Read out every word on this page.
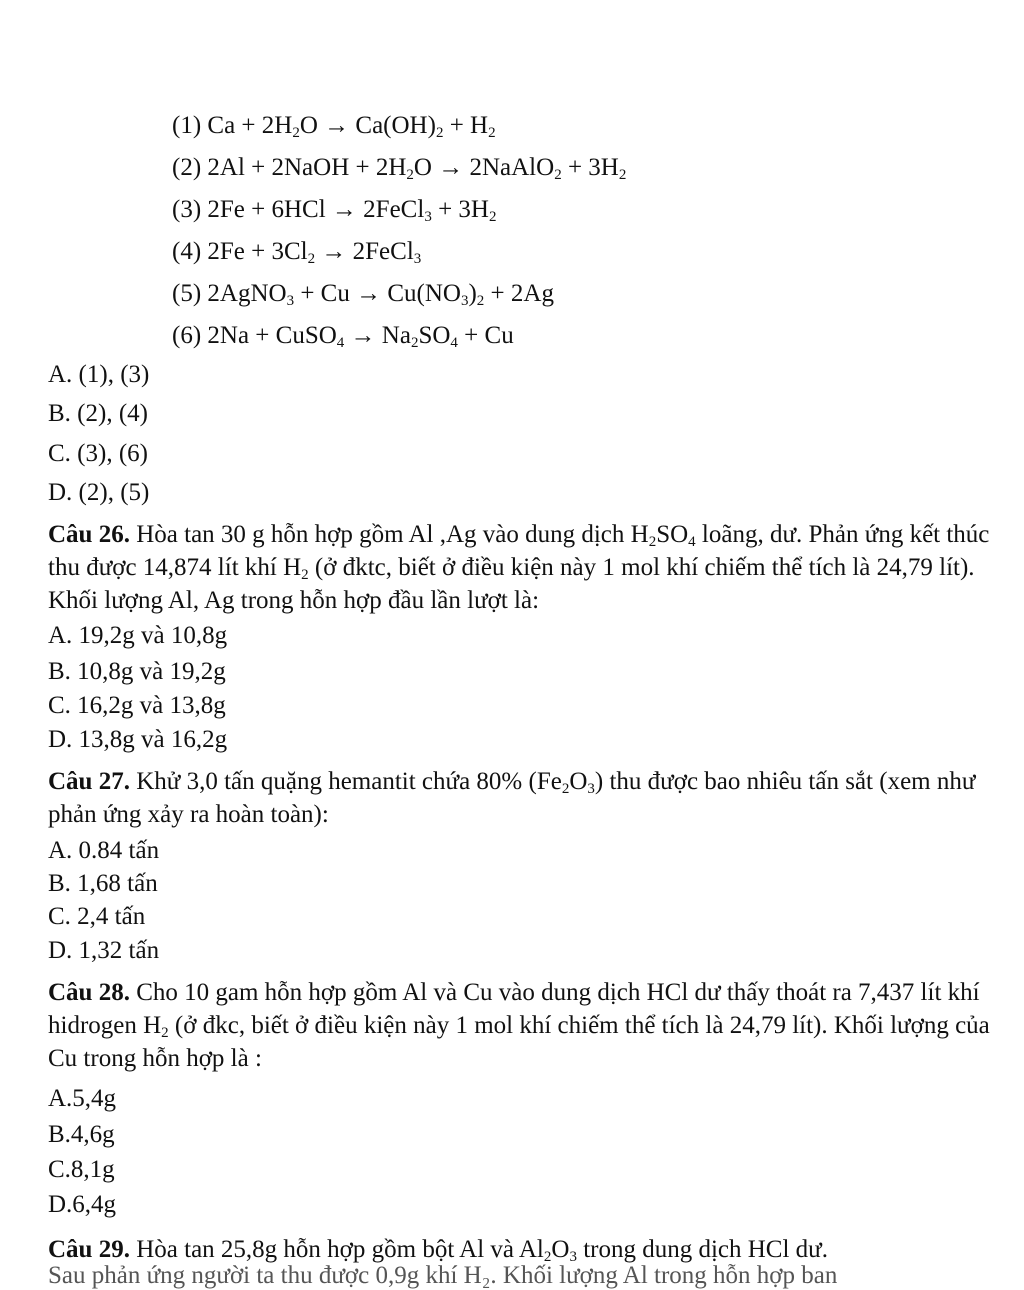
(1) $Ca + 2H_2O \to Ca(OH)_2 + H_2$
(2) 2Al + 2NaOH + $2H_2O$ → 2NaAlO$_2$ + $3H_2$
(3) 2Fe + 6HCl → 2FeCl$_3$ + $3H_2$
(4) $2Fe + 3Cl_2$ → 2FeCl$_3$
(5) 2AgNO$_3$ + $Cu \to Cu(NO_3)_2 + 2Ag$
(6) 2Na + CuSO$_4$ → $Na_2SO_4 + Cu$
A. (1), (3)
B. (2), (4)
C. (3), (6)
D. (2), (5)
Câu 26. Hòa tan 30 g hỗn hợp gồm Al ,Ag vào dung dịch $H_2SO_4$ loãng, dư. Phản ứng kết thúc thu được 14,874 lít khí $H_2$ (ở đktc, biết ở điều kiện này 1 mol khí chiếm thể tích là 24,79 lít). Khối lượng Al, Ag trong hỗn hợp đầu lần lượt là:
A. 19,2g và 10,8g
B. 10,8g và 19,2g
C. 16,2g và 13,8g
D. 13,8g và 16,2g
Câu 27. Khử 3,0 tấn quặng hemantit chứa 80% $(Fe_2O_3)$ thu được bao nhiêu tấn sắt (xem như phản ứng xảy ra hoàn toàn):
A. 0.84 tấn
B. 1,68 tấn
C. 2,4 tấn
D. 1,32 tấn
Câu 28. Cho 10 gam hỗn hợp gồm Al và Cu vào dung dịch HCl dư thấy thoát ra 7,437 lít khí hidrogen $H_2$ (ở đkc, biết ở điều kiện này 1 mol khí chiếm thể tích là 24,79 lít). Khối lượng của Cu trong hỗn hợp là :
A.5,4g
B.4,6g
C.8,1g
D.6,4g
Câu 29. Hòa tan 25,8g hỗn hợp gồm bột Al và $Al_2O_3$ trong dung dịch HCl dư.
Sau phản ứng người ta thu được 0,9g khí H₂. Khối lượng Al trong hỗn hợp ban
